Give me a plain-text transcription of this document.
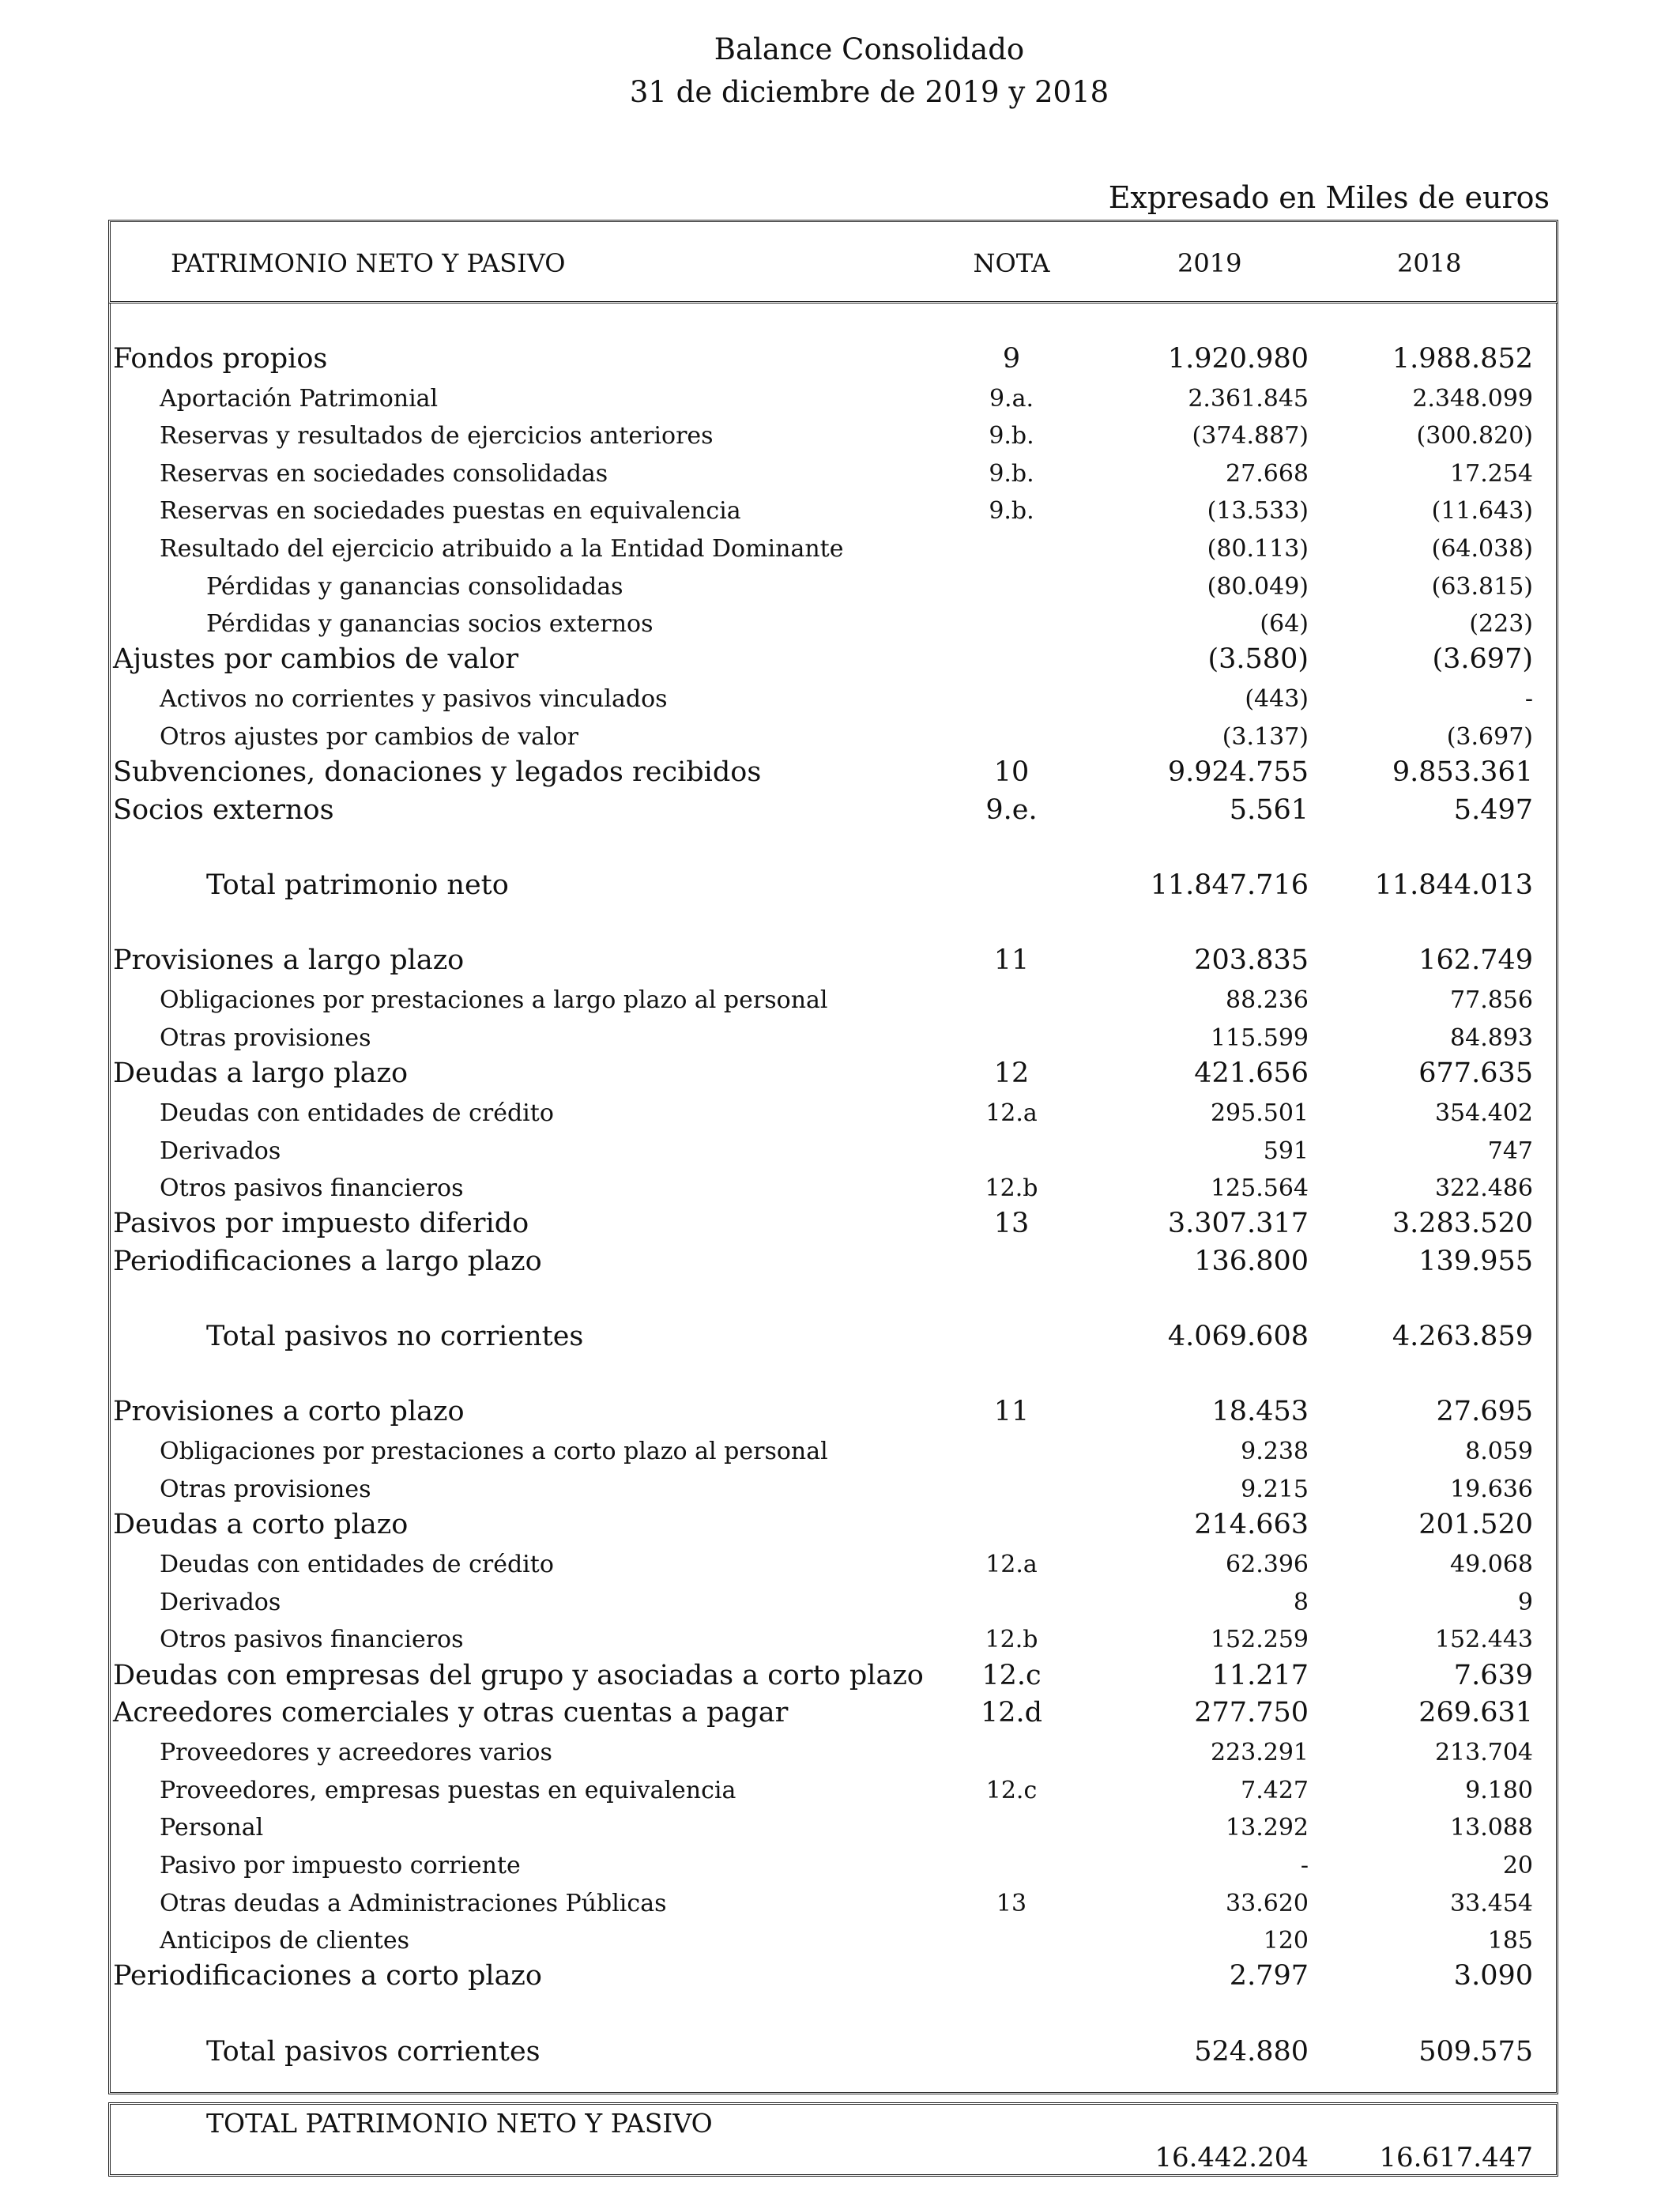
Balance Consolidado
31 de diciembre de 2019 y 2018
Expresado en Miles de euros
PATRIMONIO NETO Y PASIVO	NOTA	2019	2018
Fondos propios	9	1.920.980	1.988.852
Aportación Patrimonial	9.a.	2.361.845	2.348.099
Reservas y resultados de ejercicios anteriores	9.b.	(374.887)	(300.820)
Reservas en sociedades consolidadas	9.b.	27.668	17.254
Reservas en sociedades puestas en equivalencia	9.b.	(13.533)	(11.643)
Resultado del ejercicio atribuido a la Entidad Dominante	(80.113)	(64.038)
Pérdidas y ganancias consolidadas	(80.049)	(63.815)
Pérdidas y ganancias socios externos	(64)	(223)
Ajustes por cambios de valor	(3.580)	(3.697)
Activos no corrientes y pasivos vinculados	(443)	-
Otros ajustes por cambios de valor	(3.137)	(3.697)
Subvenciones, donaciones y legados recibidos	10	9.924.755	9.853.361
Socios externos	9.e.	5.561	5.497
Total patrimonio neto	11.847.716 11.844.013
Provisiones a largo plazo	11	203.835	162.749
Obligaciones por prestaciones a largo plazo al personal	88.236	77.856
Otras provisiones	115.599	84.893
Deudas a largo plazo	12	421.656	677.635
Deudas con entidades de crédito	12.a	295.501	354.402
Derivados	591	747
Otros pasivos financieros	12.b	125.564	322.486
Pasivos por impuesto diferido	13	3.307.317	3.283.520
Periodificaciones a largo plazo	136.800	139.955
Total pasivos no corrientes	4.069.608	4.263.859
Provisiones a corto plazo	11	18.453	27.695
Obligaciones por prestaciones a corto plazo al personal	9.238	8.059
Otras provisiones	9.215	19.636
Deudas a corto plazo	214.663	201.520
Deudas con entidades de crédito	12.a	62.396	49.068
Derivados	8	9
Otros pasivos financieros	12.b	152.259	152.443
Deudas con empresas del grupo y asociadas a corto plazo	12.c	11.217	7.639
Acreedores comerciales y otras cuentas a pagar	12.d	277.750	269.631
Proveedores y acreedores varios	223.291	213.704
Proveedores, empresas puestas en equivalencia	12.c	7.427	9.180
Personal	13.292	13.088
Pasivo por impuesto corriente	-	20
Otras deudas a Administraciones Públicas	13	33.620	33.454
Anticipos de clientes	120	185
Periodificaciones a corto plazo	2.797	3.090
Total pasivos corrientes	524.880	509.575
TOTAL PATRIMONIO NETO Y PASIVO
16.442.204	16.617.447
